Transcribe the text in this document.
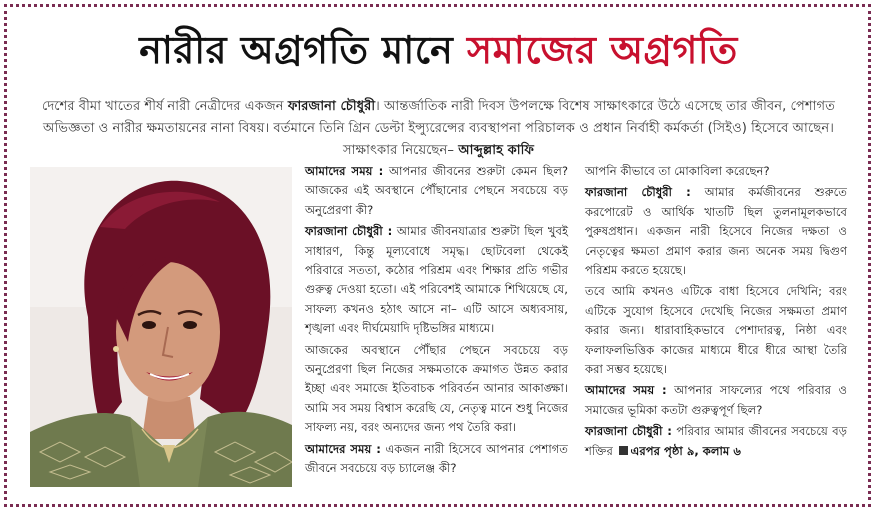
নারীর অগ্রগতি মানে সমাজের অগ্রগতি
দেশের বীমা খাতের শীর্ষ নারী নেত্রীদের একজন ফারজানা চৌধুরী। আন্তর্জাতিক নারী দিবস উপলক্ষে বিশেষ সাক্ষাৎকারে উঠে এসেছে তার জীবন, পেশাগত অভিজ্ঞতা ও নারীর ক্ষমতায়নের নানা বিষয়। বর্তমানে তিনি গ্রিন ডেল্টা ইন্স্যুরেন্সের ব্যবস্থাপনা পরিচালক ও প্রধান নির্বাহী কর্মকর্তা (সিইও) হিসেবে আছেন। সাক্ষাৎকার নিয়েছেন– আব্দুল্লাহ কাফি

আমাদের সময় : আপনার জীবনের শুরুটা কেমন ছিল? আজকের এই অবস্থানে পৌঁছানোর পেছনে সবচেয়ে বড় অনুপ্রেরণা কী?

ফারজানা চৌধুরী : আমার জীবনযাত্রার শুরুটা ছিল খুবই সাধারণ, কিন্তু মূল্যবোধে সমৃদ্ধ। ছোটবেলা থেকেই পরিবারে সততা, কঠোর পরিশ্রম এবং শিক্ষার প্রতি গভীর গুরুত্ব দেওয়া হতো। এই পরিবেশই আমাকে শিখিয়েছে যে, সাফল্য কখনও হঠাৎ আসে না– এটি আসে অধ্যবসায়, শৃঙ্খলা এবং দীর্ঘমেয়াদি দৃষ্টিভঙ্গির মাধ্যমে।

আজকের অবস্থানে পৌঁছার পেছনে সবচেয়ে বড় অনুপ্রেরণা ছিল নিজের সক্ষমতাকে ক্রমাগত উন্নত করার ইচ্ছা এবং সমাজে ইতিবাচক পরিবর্তন আনার আকাঙ্ক্ষা। আমি সব সময় বিশ্বাস করেছি যে, নেতৃত্ব মানে শুধু নিজের সাফল্য নয়, বরং অন্যদের জন্য পথ তৈরি করা।

আমাদের সময় : একজন নারী হিসেবে আপনার পেশাগত জীবনে সবচেয়ে বড় চ্যালেঞ্জ কী?

আপনি কীভাবে তা মোকাবিলা করেছেন?

ফারজানা চৌধুরী : আমার কর্মজীবনের শুরুতে করপোরেট ও আর্থিক খাতটি ছিল তুলনামূলকভাবে পুরুষপ্রধান। একজন নারী হিসেবে নিজের দক্ষতা ও নেতৃত্বের ক্ষমতা প্রমাণ করার জন্য অনেক সময় দ্বিগুণ পরিশ্রম করতে হয়েছে।

তবে আমি কখনও এটিকে বাধা হিসেবে দেখিনি; বরং এটিকে সুযোগ হিসেবে দেখেছি নিজের সক্ষমতা প্রমাণ করার জন্য। ধারাবাহিকভাবে পেশাদারত্ব, নিষ্ঠা এবং ফলাফলভিত্তিক কাজের মাধ্যমে ধীরে ধীরে আস্থা তৈরি করা সম্ভব হয়েছে।

আমাদের সময় : আপনার সাফল্যের পথে পরিবার ও সমাজের ভূমিকা কতটা গুরুত্বপূর্ণ ছিল?

ফারজানা চৌধুরী : পরিবার আমার জীবনের সবচেয়ে বড় শক্তির এরপর পৃষ্ঠা ৯, কলাম ৬
